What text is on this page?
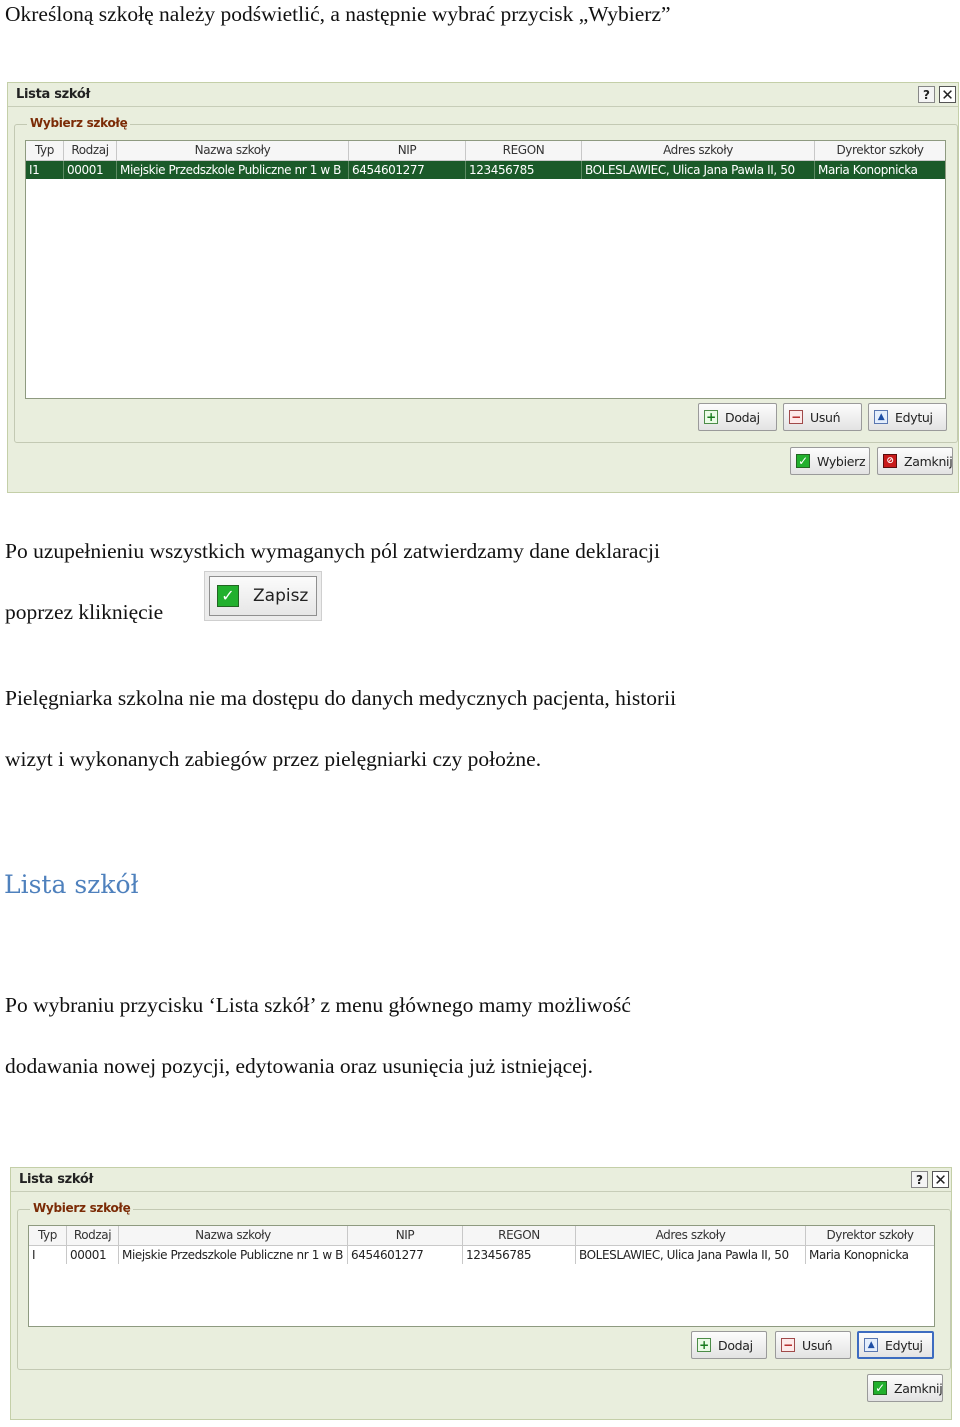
Określoną szkołę należy podświetlić, a następnie wybrać przycisk „Wybierz”
Lista szkół	? ✕
Wybierz szkołę
Typ	Rodzaj	Nazwa szkoły	NIP	REGON	Adres szkoły	Dyrektor szkoły
I1	00001	Miejskie Przedszkole Publiczne nr 1 w B 6454601277	123456785	BOLESLAWIEC, Ulica Jana Pawla II, 50	Maria Konopnicka
+ Dodaj	− Usuń	▲ Edytuj
✓ Wybierz	⊘ Zamknij
Po uzupełnieniu wszystkich wymaganych pól zatwierdzamy dane deklaracji
poprzez kliknięcie
✓ Zapisz
Pielęgniarka szkolna nie ma dostępu do danych medycznych pacjenta, historii
wizyt i wykonanych zabiegów przez pielęgniarki czy położne.
Lista szkół
Po wybraniu przycisku ‘Lista szkół’ z menu głównego mamy możliwość
dodawania nowej pozycji, edytowania oraz usunięcia już istniejącej.
Lista szkół	? ✕
Wybierz szkołę
Typ	Rodzaj	Nazwa szkoły	NIP	REGON	Adres szkoły	Dyrektor szkoły
I	00001	Miejskie Przedszkole Publiczne nr 1 w B 6454601277	123456785	BOLESLAWIEC, Ulica Jana Pawla II, 50	Maria Konopnicka
+ Dodaj	− Usuń	▲ Edytuj
✓ Zamknij
